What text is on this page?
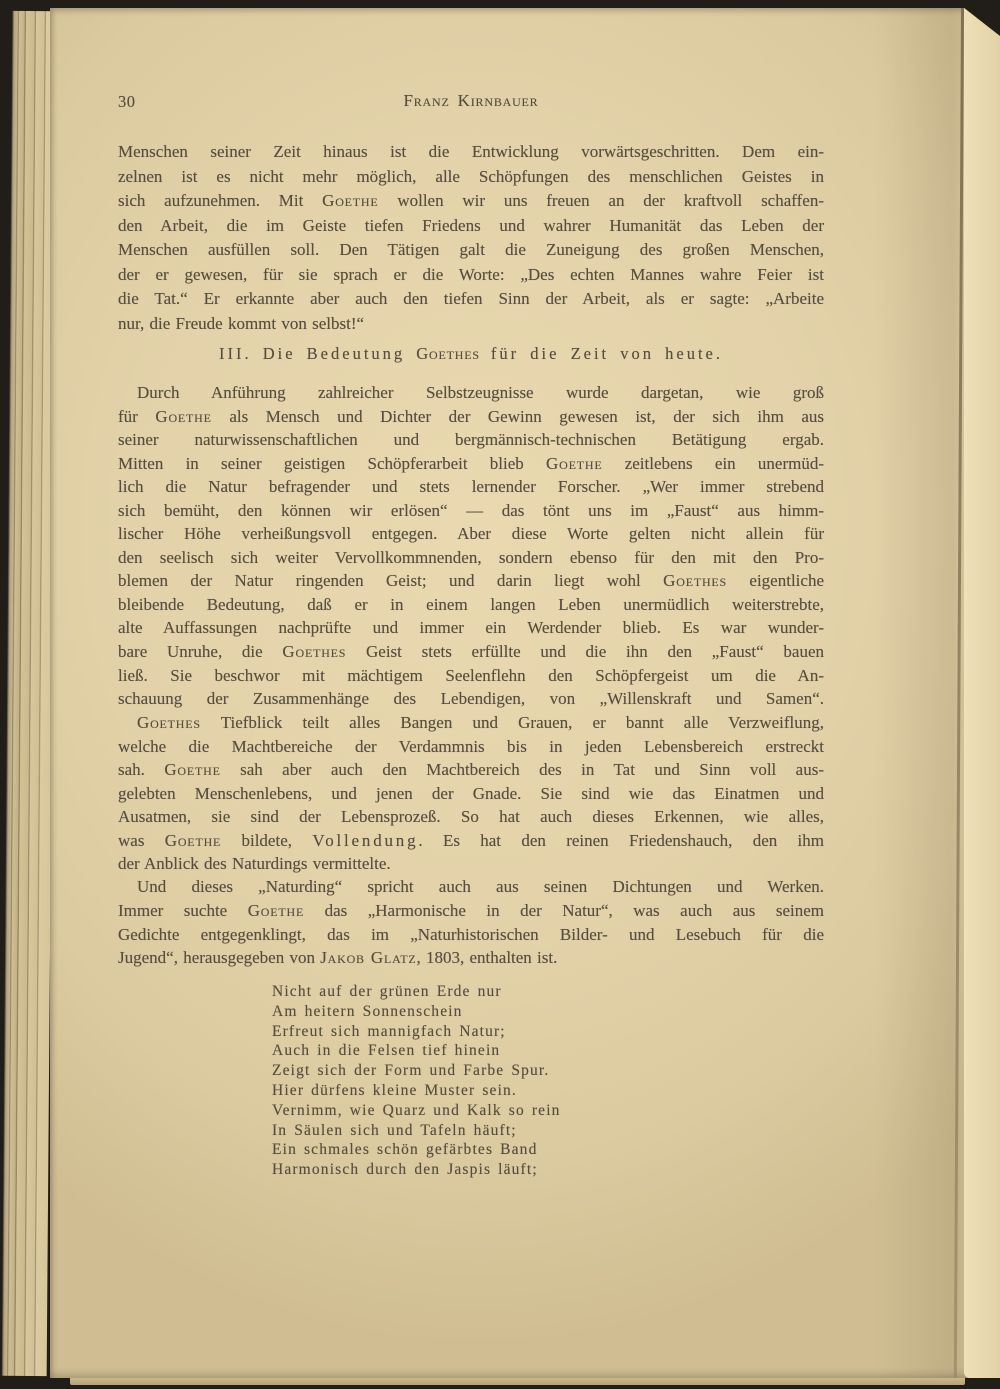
30	Franz Kirnbauer
Menschen seiner Zeit hinaus ist die Entwicklung vorwärtsgeschritten. Dem ein-
zelnen ist es nicht mehr möglich, alle Schöpfungen des menschlichen Geistes in
sich aufzunehmen. Mit Goethe wollen wir uns freuen an der kraftvoll schaffen-
den Arbeit, die im Geiste tiefen Friedens und wahrer Humanität das Leben der
Menschen ausfüllen soll. Den Tätigen galt die Zuneigung des großen Menschen,
der er gewesen, für sie sprach er die Worte: „Des echten Mannes wahre Feier ist
die Tat.“ Er erkannte aber auch den tiefen Sinn der Arbeit, als er sagte: „Arbeite
nur, die Freude kommt von selbst!“
III. Die Bedeutung Goethes für die Zeit von heute.
Durch Anführung zahlreicher Selbstzeugnisse wurde dargetan, wie groß
für Goethe als Mensch und Dichter der Gewinn gewesen ist, der sich ihm aus
seiner naturwissenschaftlichen und bergmännisch-technischen Betätigung ergab.
Mitten in seiner geistigen Schöpferarbeit blieb Goethe zeitlebens ein unermüd-
lich die Natur befragender und stets lernender Forscher. „Wer immer strebend
sich bemüht, den können wir erlösen“ — das tönt uns im „Faust“ aus himm-
lischer Höhe verheißungsvoll entgegen. Aber diese Worte gelten nicht allein für
den seelisch sich weiter Vervollkommnenden, sondern ebenso für den mit den Pro-
blemen der Natur ringenden Geist; und darin liegt wohl Goethes eigentliche
bleibende Bedeutung, daß er in einem langen Leben unermüdlich weiterstrebte,
alte Auffassungen nachprüfte und immer ein Werdender blieb. Es war wunder-
bare Unruhe, die Goethes Geist stets erfüllte und die ihn den „Faust“ bauen
ließ. Sie beschwor mit mächtigem Seelenflehn den Schöpfergeist um die An-
schauung der Zusammenhänge des Lebendigen, von „Willenskraft und Samen“.
Goethes Tiefblick teilt alles Bangen und Grauen, er bannt alle Verzweiflung,
welche die Machtbereiche der Verdammnis bis in jeden Lebensbereich erstreckt
sah. Goethe sah aber auch den Machtbereich des in Tat und Sinn voll aus-
gelebten Menschenlebens, und jenen der Gnade. Sie sind wie das Einatmen und
Ausatmen, sie sind der Lebensprozeß. So hat auch dieses Erkennen, wie alles,
was Goethe bildete, Vollendung. Es hat den reinen Friedenshauch, den ihm
der Anblick des Naturdings vermittelte.
Und dieses „Naturding“ spricht auch aus seinen Dichtungen und Werken.
Immer suchte Goethe das „Harmonische in der Natur“, was auch aus seinem
Gedichte entgegenklingt, das im „Naturhistorischen Bilder- und Lesebuch für die
Jugend“, herausgegeben von Jakob Glatz, 1803, enthalten ist.
Nicht auf der grünen Erde nur
Am heitern Sonnenschein
Erfreut sich mannigfach Natur;
Auch in die Felsen tief hinein
Zeigt sich der Form und Farbe Spur.
Hier dürfens kleine Muster sein.
Vernimm, wie Quarz und Kalk so rein
In Säulen sich und Tafeln häuft;
Ein schmales schön gefärbtes Band
Harmonisch durch den Jaspis läuft;
